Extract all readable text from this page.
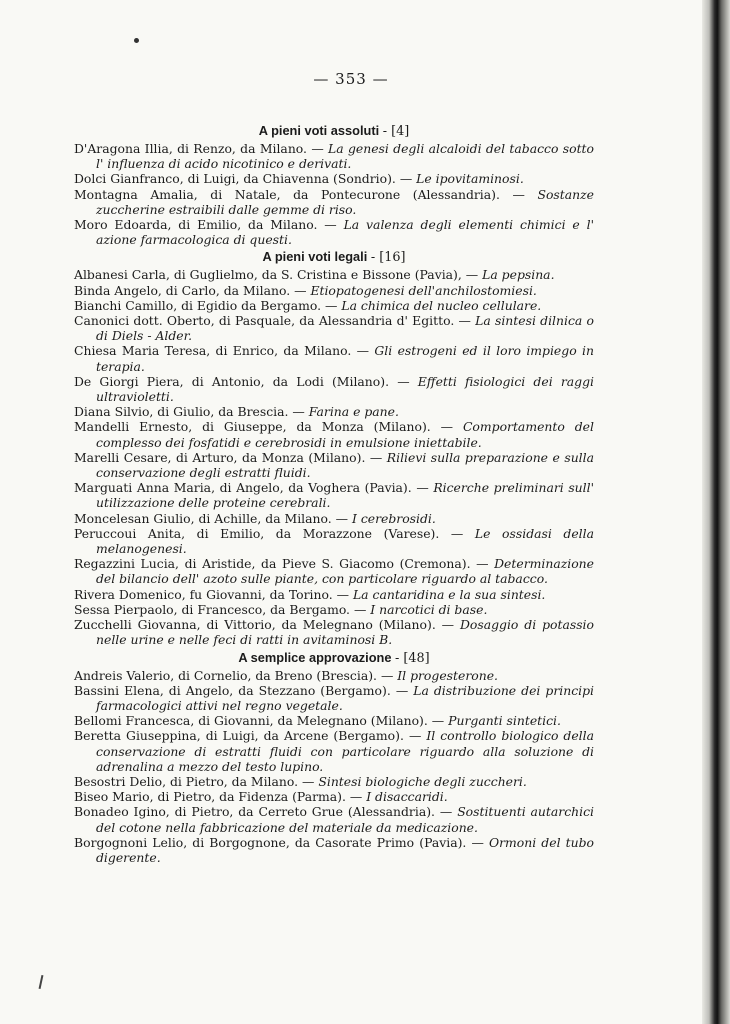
— 353 —
A pieni voti assoluti - [4]
D'Aragona Illia, di Renzo, da Milano. — La genesi degli alcaloidi del tabacco sotto l' influenza di acido nicotinico e derivati.
Dolci Gianfranco, di Luigi, da Chiavenna (Sondrio). — Le ipovitaminosi.
Montagna Amalia, di Natale, da Pontecurone (Alessandria). — Sostanze zuccherine estraibili dalle gemme di riso.
Moro Edoarda, di Emilio, da Milano. — La valenza degli elementi chimici e l' azione farmacologica di questi.
A pieni voti legali - [16]
Albanesi Carla, di Guglielmo, da S. Cristina e Bissone (Pavia), — La pepsina.
Binda Angelo, di Carlo, da Milano. — Etiopatogenesi dell'anchilostomiesi.
Bianchi Camillo, di Egidio da Bergamo. — La chimica del nucleo cellulare.
Canonici dott. Oberto, di Pasquale, da Alessandria d' Egitto. — La sintesi dilnica o di Diels - Alder.
Chiesa Maria Teresa, di Enrico, da Milano. — Gli estrogeni ed il loro impiego in terapia.
De Giorgi Piera, di Antonio, da Lodi (Milano). — Effetti fisiologici dei raggi ultravioletti.
Diana Silvio, di Giulio, da Brescia. — Farina e pane.
Mandelli Ernesto, di Giuseppe, da Monza (Milano). — Comportamento del complesso dei fosfatidi e cerebrosidi in emulsione iniettabile.
Marelli Cesare, di Arturo, da Monza (Milano). — Rilievi sulla preparazione e sulla conservazione degli estratti fluidi.
Marguati Anna Maria, di Angelo, da Voghera (Pavia). — Ricerche preliminari sull' utilizzazione delle proteine cerebrali.
Moncelesan Giulio, di Achille, da Milano. — I cerebrosidi.
Peruccoui Anita, di Emilio, da Morazzone (Varese). — Le ossidasi della melanogenesi.
Regazzini Lucia, di Aristide, da Pieve S. Giacomo (Cremona). — Determinazione del bilancio dell' azoto sulle piante, con particolare riguardo al tabacco.
Rivera Domenico, fu Giovanni, da Torino. — La cantaridina e la sua sintesi.
Sessa Pierpaolo, di Francesco, da Bergamo. — I narcotici di base.
Zucchelli Giovanna, di Vittorio, da Melegnano (Milano). — Dosaggio di potassio nelle urine e nelle feci di ratti in avitaminosi B.
A semplice approvazione - [48]
Andreis Valerio, di Cornelio, da Breno (Brescia). — Il progesterone.
Bassini Elena, di Angelo, da Stezzano (Bergamo). — La distribuzione dei principi farmacologici attivi nel regno vegetale.
Bellomi Francesca, di Giovanni, da Melegnano (Milano). — Purganti sintetici.
Beretta Giuseppina, di Luigi, da Arcene (Bergamo). — Il controllo biologico della conservazione di estratti fluidi con particolare riguardo alla soluzione di adrenalina a mezzo del testo lupino.
Besostri Delio, di Pietro, da Milano. — Sintesi biologiche degli zuccheri.
Biseo Mario, di Pietro, da Fidenza (Parma). — I disaccaridi.
Bonadeo Igino, di Pietro, da Cerreto Grue (Alessandria). — Sostituenti autarchici del cotone nella fabbricazione del materiale da medicazione.
Borgognoni Lelio, di Borgognone, da Casorate Primo (Pavia). — Ormoni del tubo digerente.
